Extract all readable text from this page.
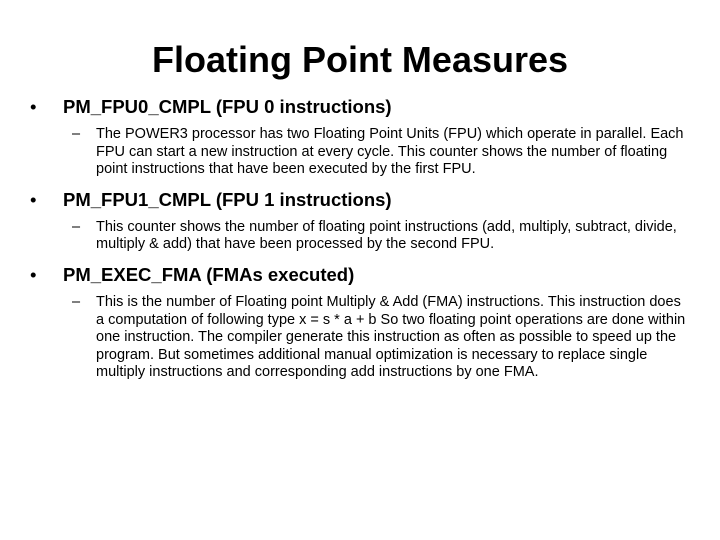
Floating Point Measures
• PM_FPU0_CMPL (FPU 0 instructions)
– The POWER3 processor has two Floating Point Units (FPU) which operate in parallel. Each FPU can start a new instruction at every cycle. This counter shows the number of floating point instructions that have been executed by the first FPU.
• PM_FPU1_CMPL (FPU 1 instructions)
– This counter shows the number of floating point instructions (add, multiply, subtract, divide, multiply & add) that have been processed by the second FPU.
• PM_EXEC_FMA (FMAs executed)
– This is the number of Floating point Multiply & Add (FMA) instructions. This instruction does a computation of following type x = s * a + b So two floating point operations are done within one instruction. The compiler generate this instruction as often as possible to speed up the program. But sometimes additional manual optimization is necessary to replace single multiply instructions and corresponding add instructions by one FMA.
